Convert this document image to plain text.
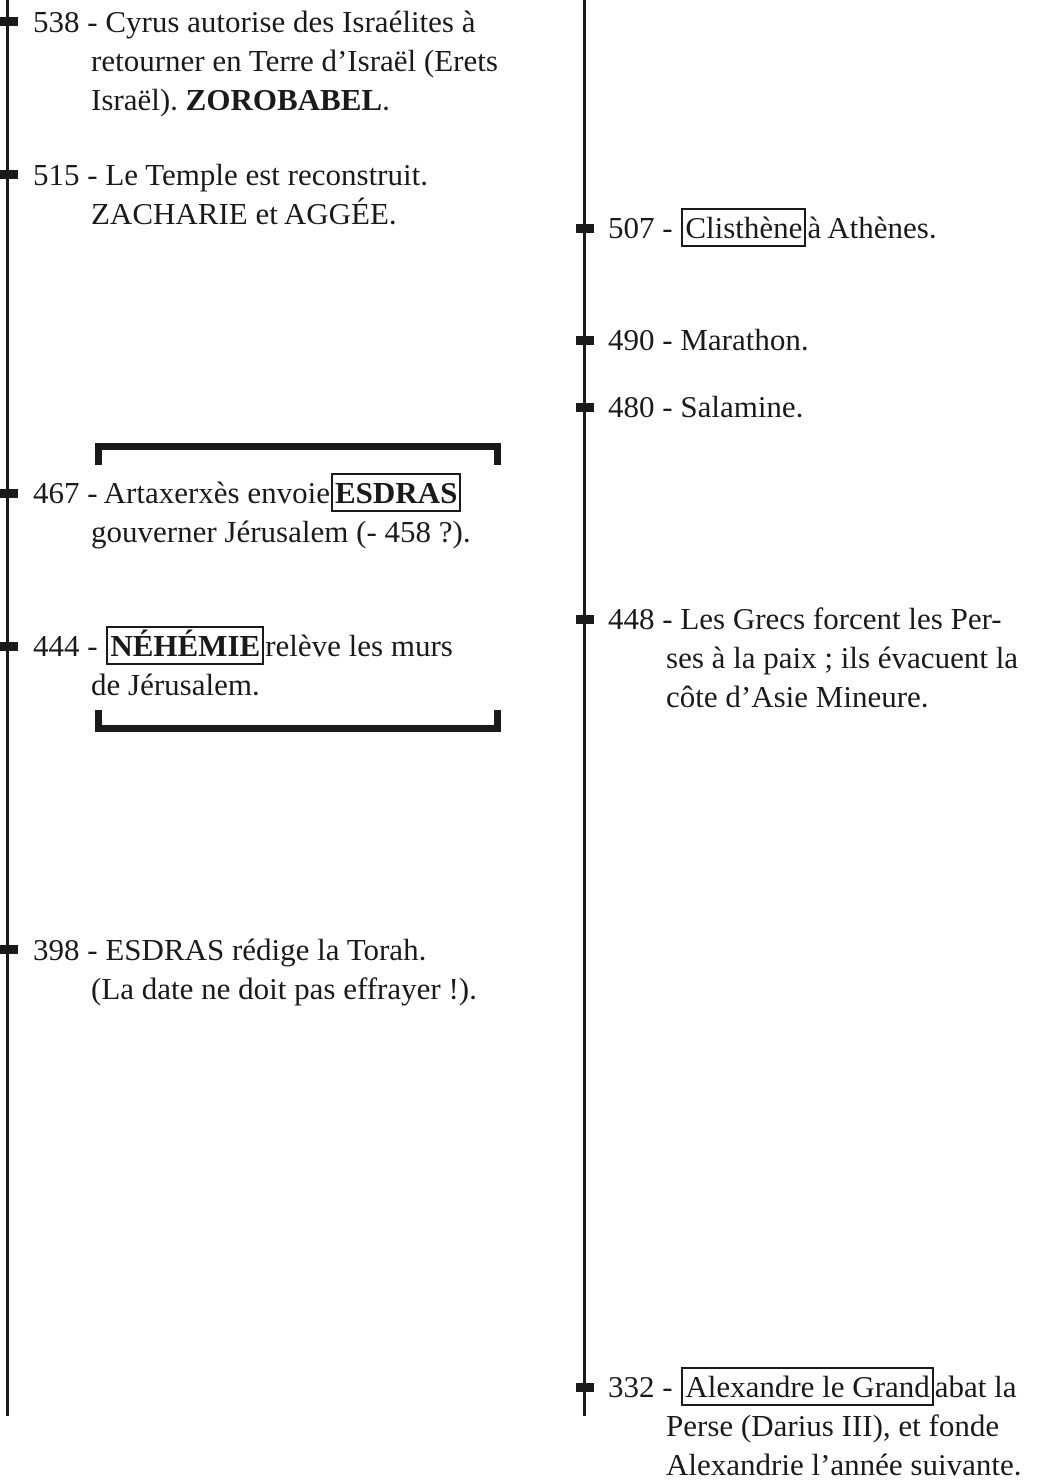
538 - Cyrus autorise des Israélites à
retourner en Terre d’Israël (Erets
Israël). ZOROBABEL.
515 - Le Temple est reconstruit.
ZACHARIE et AGGÉE.
467 - Artaxerxès envoie ESDRAS
gouverner Jérusalem (- 458 ?).
444 - NÉHÉMIE relève les murs
de Jérusalem.
398 - ESDRAS rédige la Torah.
(La date ne doit pas effrayer !).
507 - Clisthène à Athènes.
490 - Marathon.
480 - Salamine.
448 - Les Grecs forcent les Per-
ses à la paix ; ils évacuent la
côte d’Asie Mineure.
332 - Alexandre le Grand abat la
Perse (Darius III), et fonde
Alexandrie l’année suivante.
